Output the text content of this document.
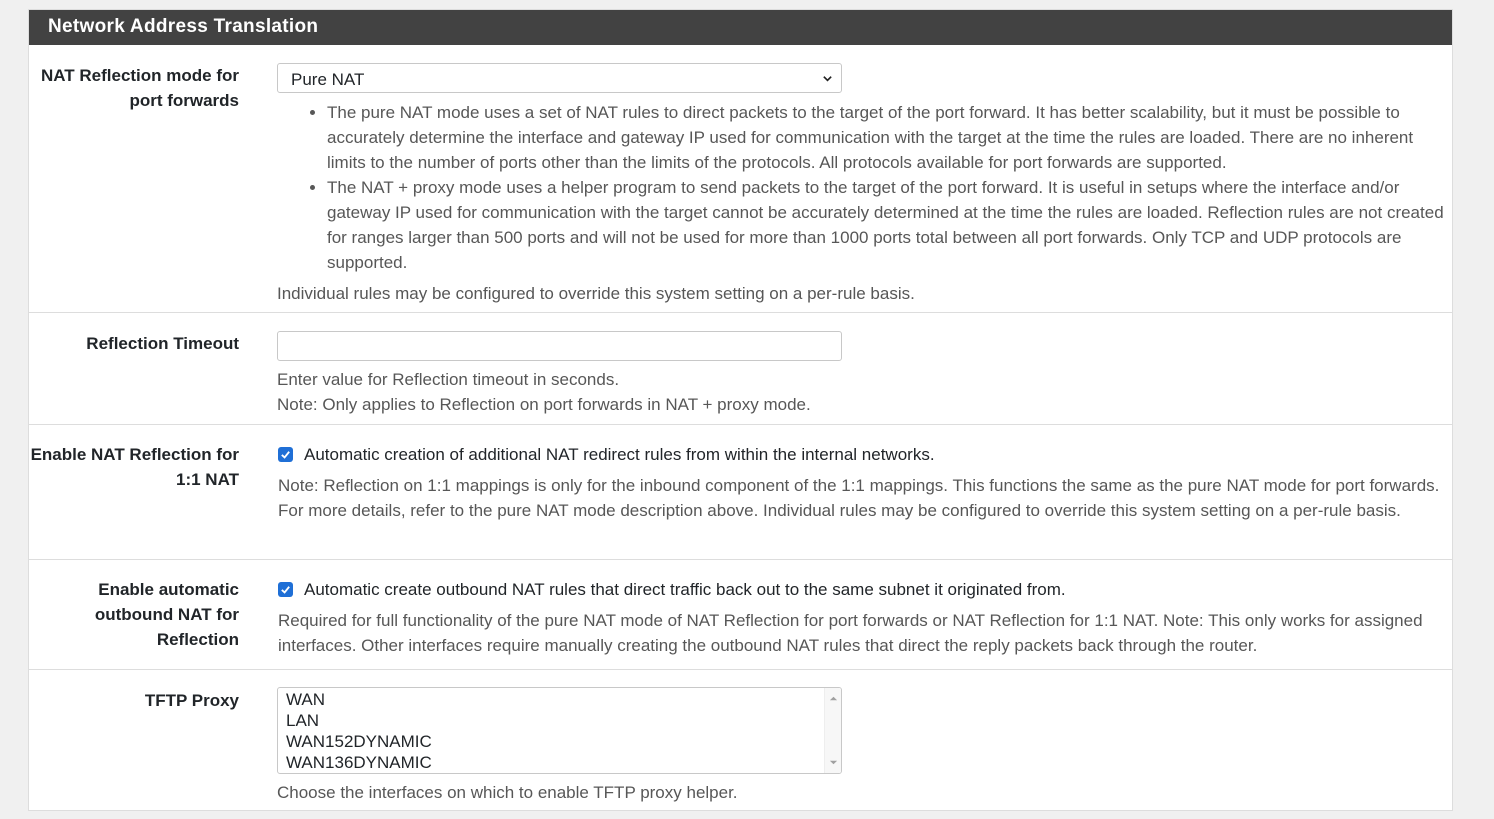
Network Address Translation
NAT Reflection mode for
port forwards
Pure NAT
• The pure NAT mode uses a set of NAT rules to direct packets to the target of the port forward. It has better scalability, but it must be possible to accurately determine the interface and gateway IP used for communication with the target at the time the rules are loaded. There are no inherent limits to the number of ports other than the limits of the protocols. All protocols available for port forwards are supported.
• The NAT + proxy mode uses a helper program to send packets to the target of the port forward. It is useful in setups where the interface and/or gateway IP used for communication with the target cannot be accurately determined at the time the rules are loaded. Reflection rules are not created for ranges larger than 500 ports and will not be used for more than 1000 ports total between all port forwards. Only TCP and UDP protocols are supported.
Individual rules may be configured to override this system setting on a per-rule basis.
Reflection Timeout
Enter value for Reflection timeout in seconds.
Note: Only applies to Reflection on port forwards in NAT + proxy mode.
Enable NAT Reflection for
1:1 NAT
Automatic creation of additional NAT redirect rules from within the internal networks.
Note: Reflection on 1:1 mappings is only for the inbound component of the 1:1 mappings. This functions the same as the pure NAT mode for port forwards. For more details, refer to the pure NAT mode description above. Individual rules may be configured to override this system setting on a per-rule basis.
Enable automatic
outbound NAT for
Reflection
Automatic create outbound NAT rules that direct traffic back out to the same subnet it originated from.
Required for full functionality of the pure NAT mode of NAT Reflection for port forwards or NAT Reflection for 1:1 NAT. Note: This only works for assigned interfaces. Other interfaces require manually creating the outbound NAT rules that direct the reply packets back through the router.
TFTP Proxy	WAN
LAN
WAN152DYNAMIC
WAN136DYNAMIC
Choose the interfaces on which to enable TFTP proxy helper.
